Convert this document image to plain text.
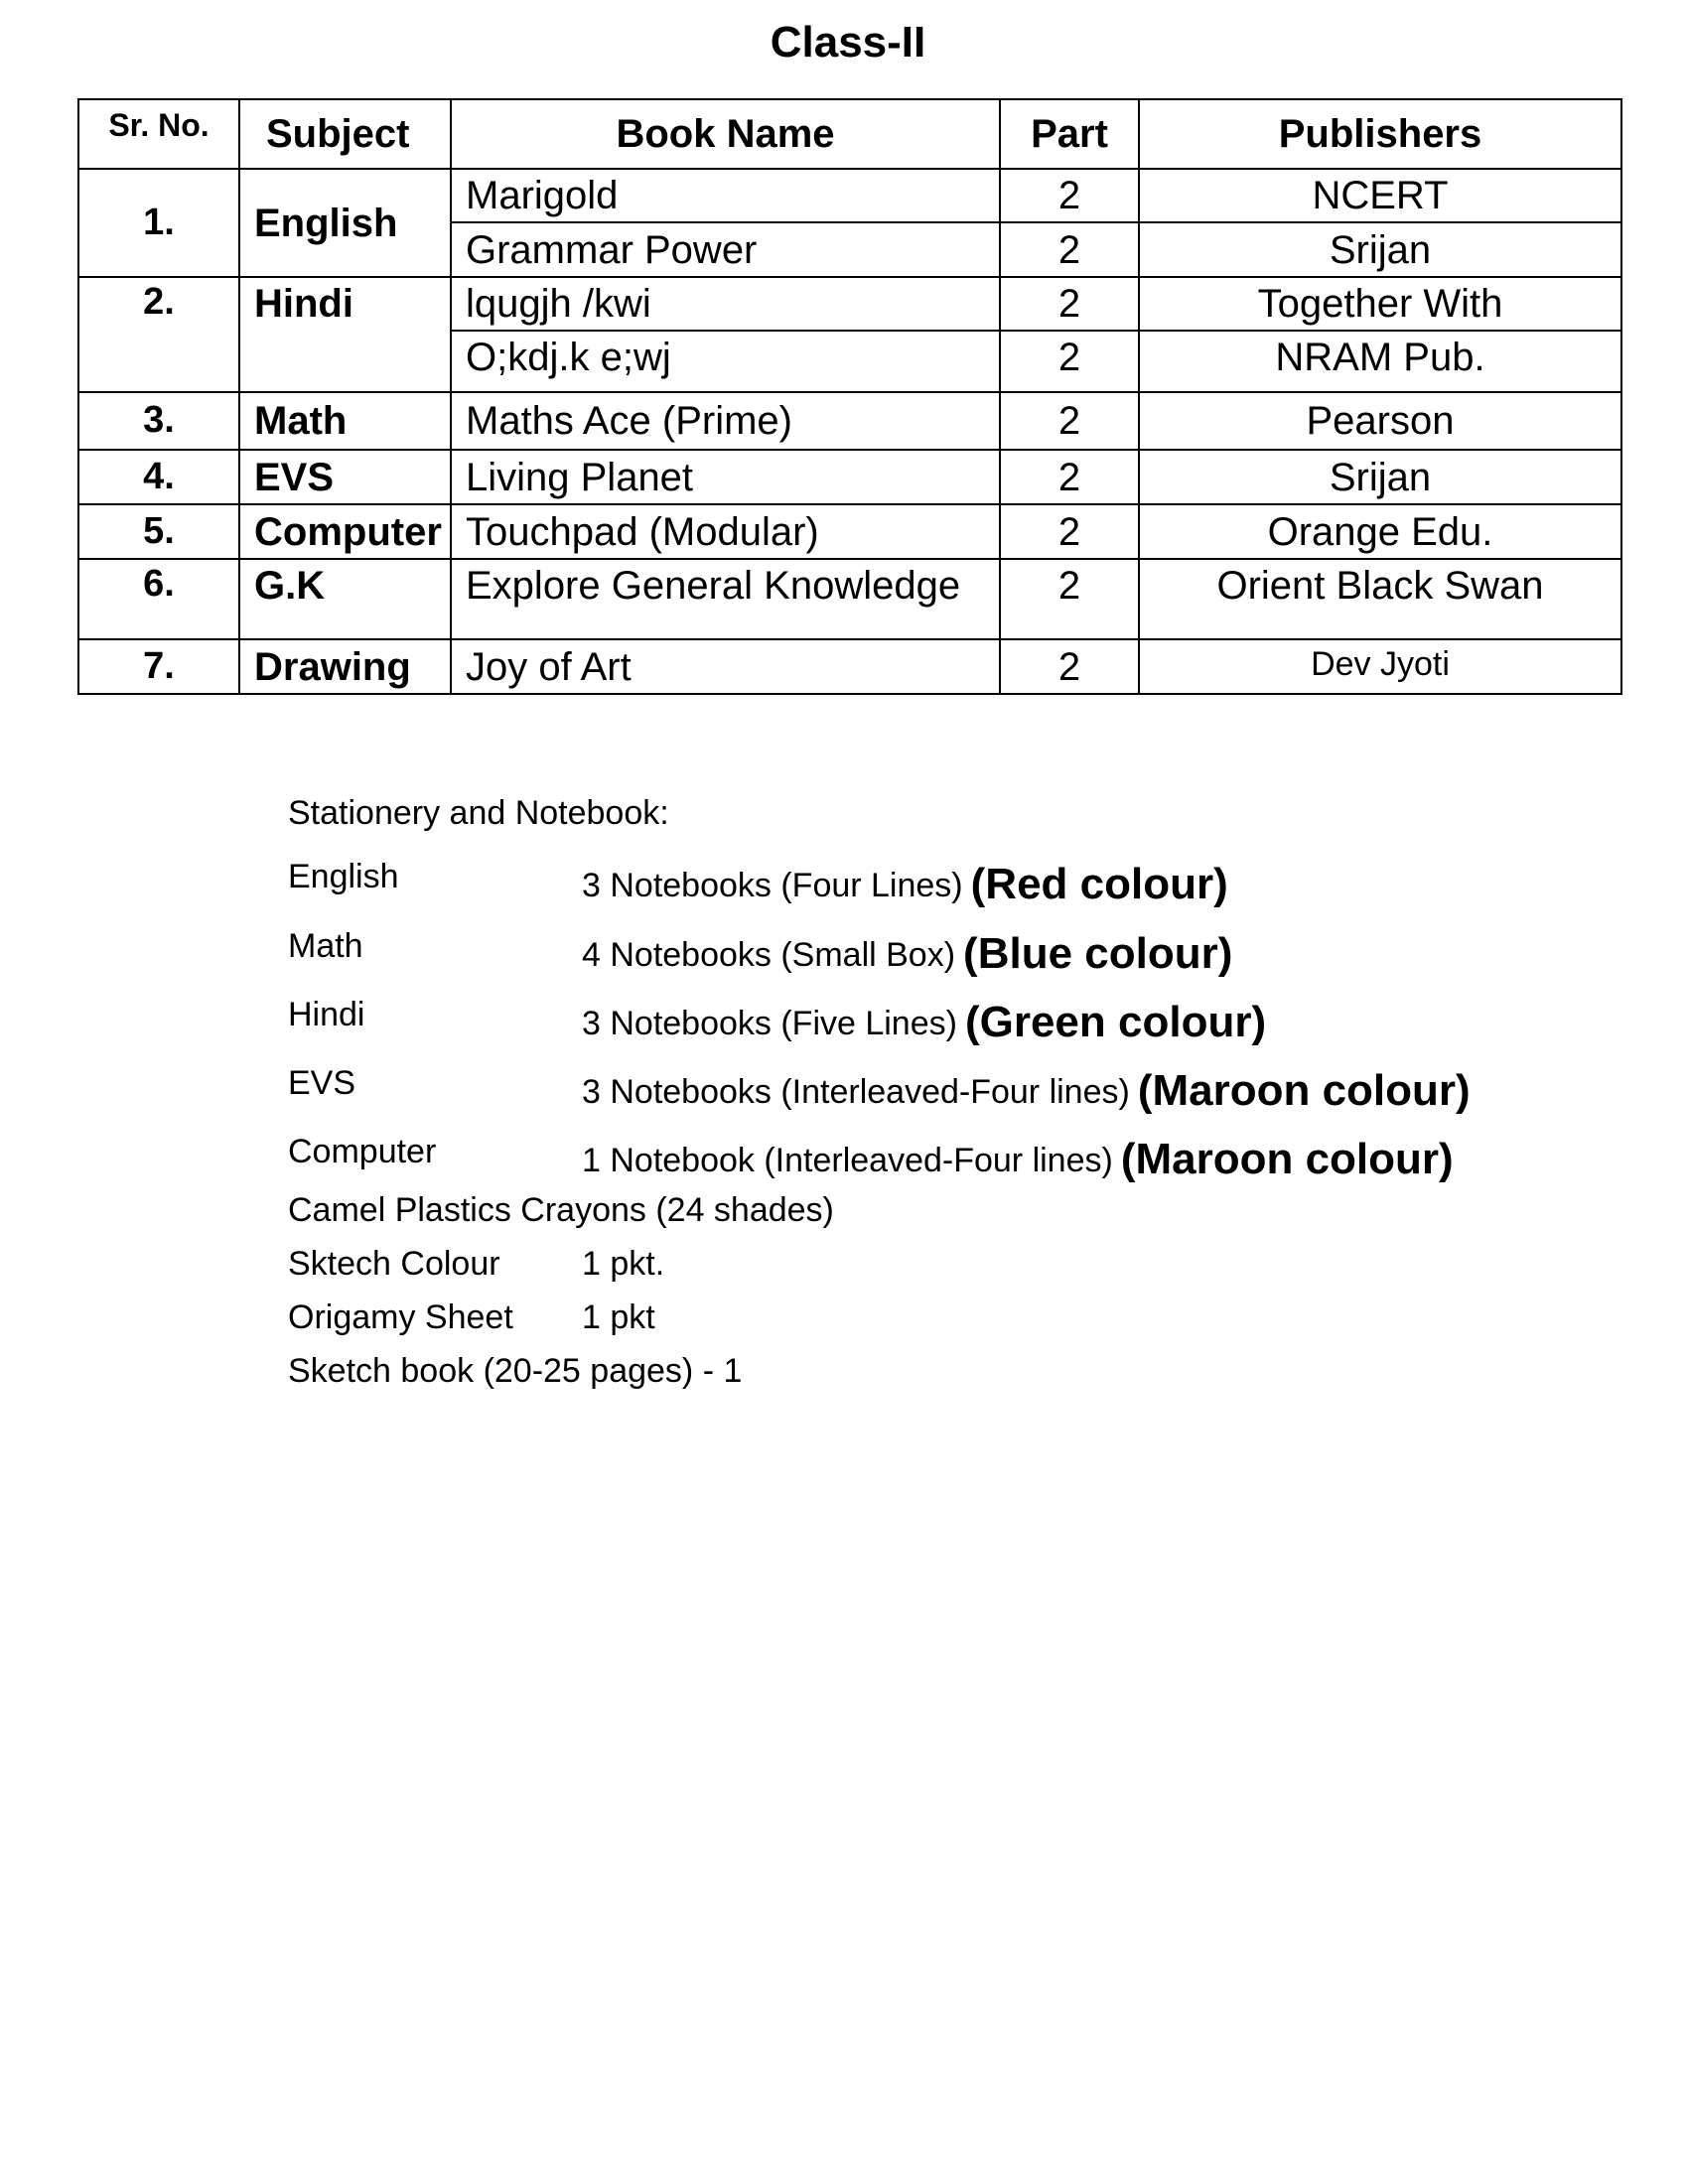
Class-II
Sr. No.	Subject	Book Name	Part	Publishers
1.	English	Marigold	2	NCERT
		Grammar Power	2	Srijan
2.	Hindi	lqugjh /kwi	2	Together With
		O;kdj.k e;wj	2	NRAM Pub.
3.	Math	Maths Ace (Prime)	2	Pearson
4.	EVS	Living Planet	2	Srijan
5.	Computer	Touchpad (Modular)	2	Orange Edu.
6.	G.K	Explore General Knowledge	2	Orient Black Swan
7.	Drawing	Joy of Art	2	Dev Jyoti
Stationery and Notebook:
English	3 Notebooks (Four Lines) (Red colour)
Math	4 Notebooks (Small Box) (Blue colour)
Hindi	3 Notebooks (Five Lines) (Green colour)
EVS	3 Notebooks (Interleaved-Four lines) (Maroon colour)
Computer	1 Notebook (Interleaved-Four lines) (Maroon colour)
Camel Plastics Crayons (24 shades)
Sktech Colour 1 pkt.
Origamy Sheet 1 pkt
Sketch book (20-25 pages) - 1
